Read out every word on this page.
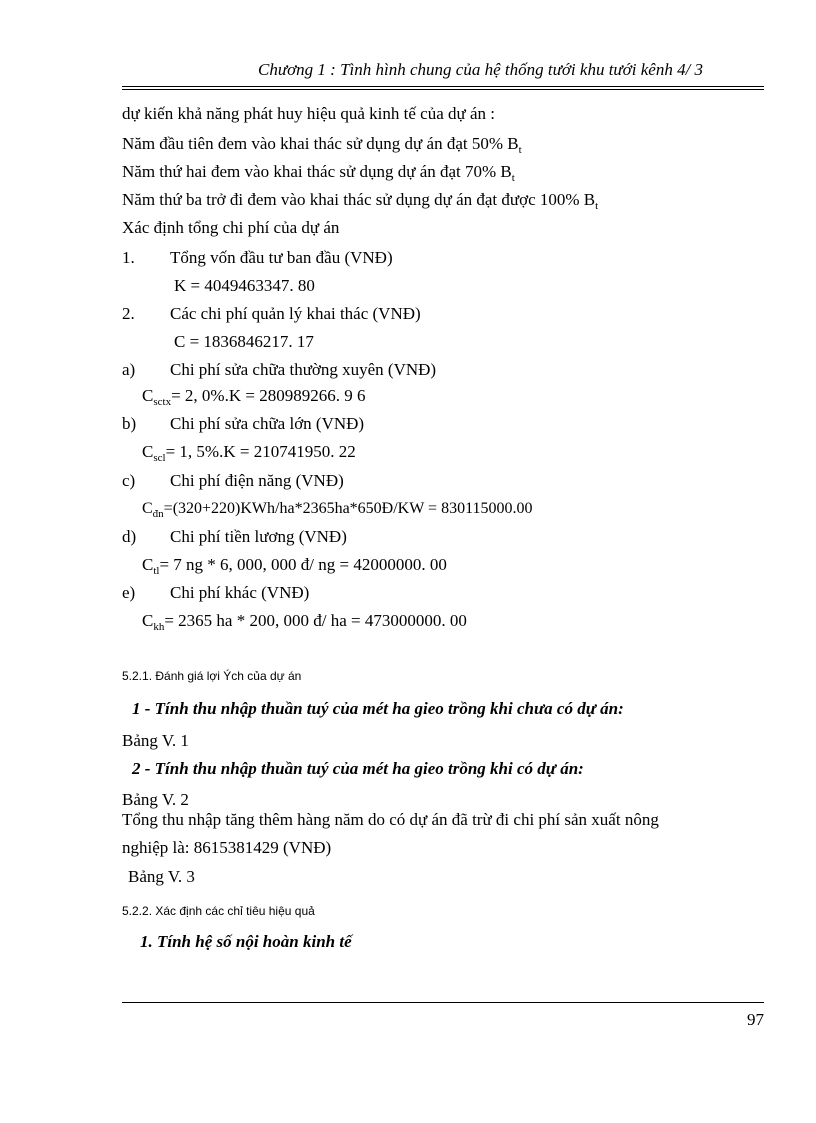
Chương 1 : Tình hình chung của hệ thống tưới khu tưới kênh 4/ 3
dự kiến khả năng phát huy hiệu quả kinh tế của dự án :
Năm đầu tiên đem vào khai thác sử dụng dự án đạt 50% $B_t$
Năm thứ hai đem vào khai thác sử dụng dự án đạt 70% $B_t$
Năm thứ ba trở đi đem vào khai thác sử dụng dự án đạt được 100% $B_t$
Xác định tổng chi phí của dự án
1. Tổng vốn đầu tư ban đầu (VNĐ)
K = 4049463347. 80
2. Các chi phí quản lý khai thác (VNĐ)
C = 1836846217. 17
a) Chi phí sửa chữa thường xuyên (VNĐ)
$C_{sctx}= 2$, 0%.K = 280989266. 9 6
b) Chi phí sửa chữa lớn (VNĐ)
$C_{scl}= 1$, 5%.K = 210741950. 22
c) Chi phí điện năng (VNĐ)
$C_{đn}=(320+220)KWh/ha*2365ha*650Đ/KW = 830115000.00$
d) Chi phí tiền lương (VNĐ)
$C_{tl}= 7$ ng * 6, 000, 000 đ/ ng = 42000000. 00
e) Chi phí khác (VNĐ)
$C_{kh}= 2365$ ha * 200, 000 đ/ ha = 473000000. 00
5.2.1. Đánh giá lợi Ých của dự án
1 - Tính thu nhập thuần tuý của mét ha gieo trồng khi chưa có dự án:
Bảng V. 1
2 - Tính thu nhập thuần tuý của mét ha gieo trồng khi có dự án:
Bảng V. 2
Tổng thu nhập tăng thêm hàng năm do có dự án đã trừ đi chi phí sản xuất nông
nghiệp là: 8615381429 (VNĐ)
Bảng V. 3
5.2.2. Xác định các chỉ tiêu hiệu quả
1. Tính hệ số nội hoàn kinh tế
97
